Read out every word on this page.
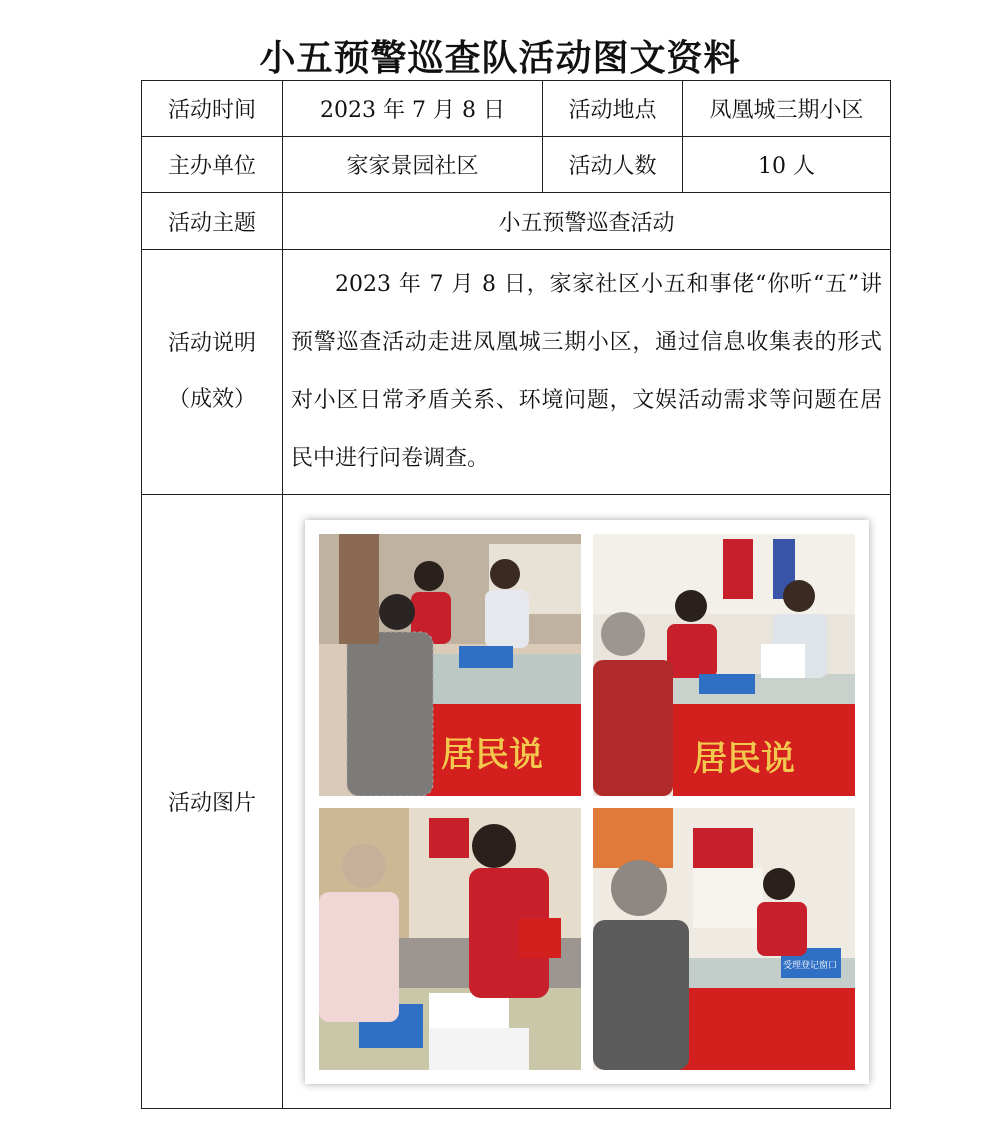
小五预警巡查队活动图文资料
活动时间	2023 年 7 月 8 日	活动地点	凤凰城三期小区
主办单位	家家景园社区	活动人数	10 人
活动主题	小五预警巡查活动		

活动说明
（成效）	2023 年 7 月 8 日，家家社区小五和事佬“你听“五”讲预警巡查活动走进凤凰城三期小区，通过信息收集表的形式对小区日常矛盾关系、环境问题，文娱活动需求等问题在居民中进行问卷调查。		

活动图片	居民说 居民说
受理登记窗口		
